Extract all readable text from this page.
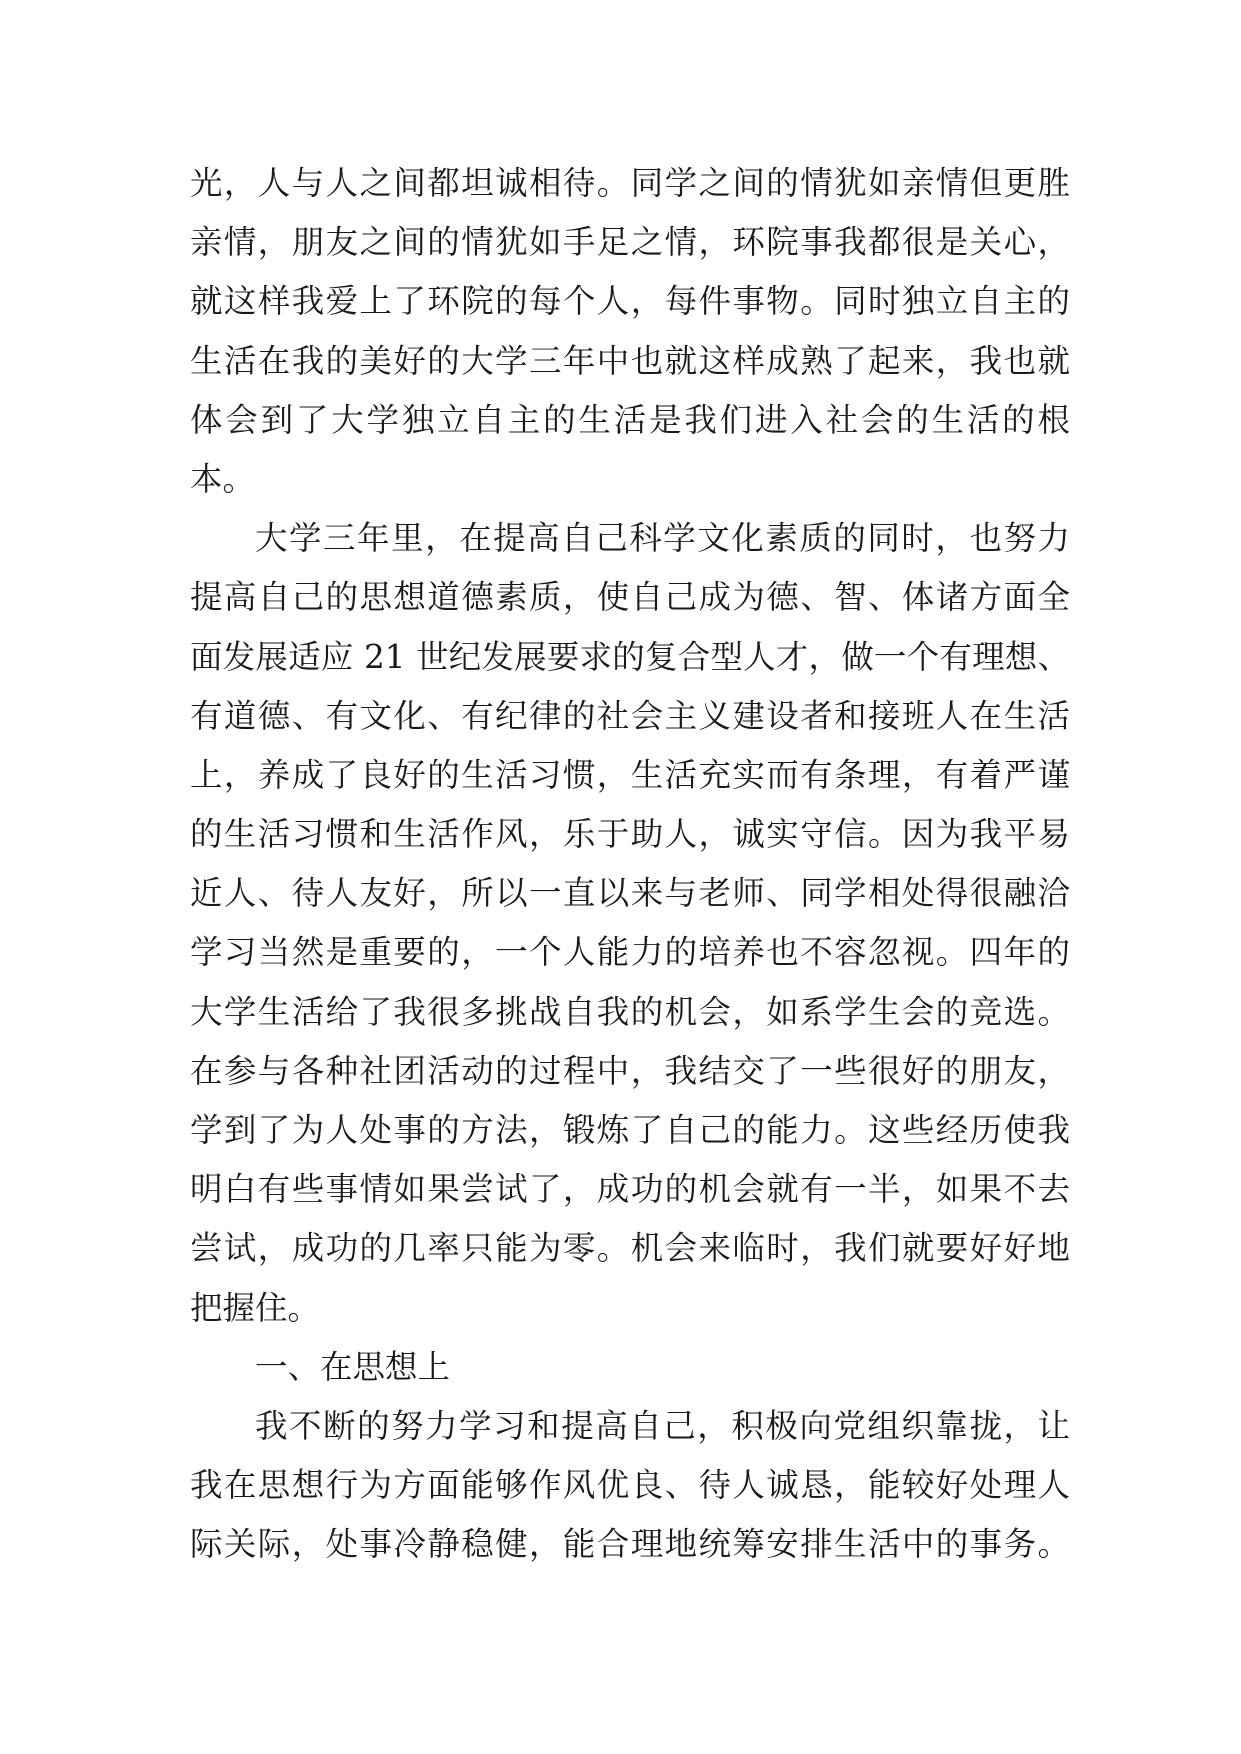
光，人与人之间都坦诚相待。同学之间的情犹如亲情但更胜
亲情，朋友之间的情犹如手足之情，环院事我都很是关心，
就这样我爱上了环院的每个人，每件事物。同时独立自主的
生活在我的美好的大学三年中也就这样成熟了起来，我也就
体会到了大学独立自主的生活是我们进入社会的生活的根
本。
大学三年里，在提高自己科学文化素质的同时，也努力
提高自己的思想道德素质，使自己成为德、智、体诸方面全
面发展适应 21 世纪发展要求的复合型人才，做一个有理想、
有道德、有文化、有纪律的社会主义建设者和接班人在生活
上，养成了良好的生活习惯，生活充实而有条理，有着严谨
的生活习惯和生活作风，乐于助人，诚实守信。因为我平易
近人、待人友好，所以一直以来与老师、同学相处得很融洽
学习当然是重要的，一个人能力的培养也不容忽视。四年的
大学生活给了我很多挑战自我的机会，如系学生会的竞选。
在参与各种社团活动的过程中，我结交了一些很好的朋友，
学到了为人处事的方法，锻炼了自己的能力。这些经历使我
明白有些事情如果尝试了，成功的机会就有一半，如果不去
尝试，成功的几率只能为零。机会来临时，我们就要好好地
把握住。
一、在思想上
我不断的努力学习和提高自己，积极向党组织靠拢，让
我在思想行为方面能够作风优良、待人诚恳，能较好处理人
际关际，处事冷静稳健，能合理地统筹安排生活中的事务。
